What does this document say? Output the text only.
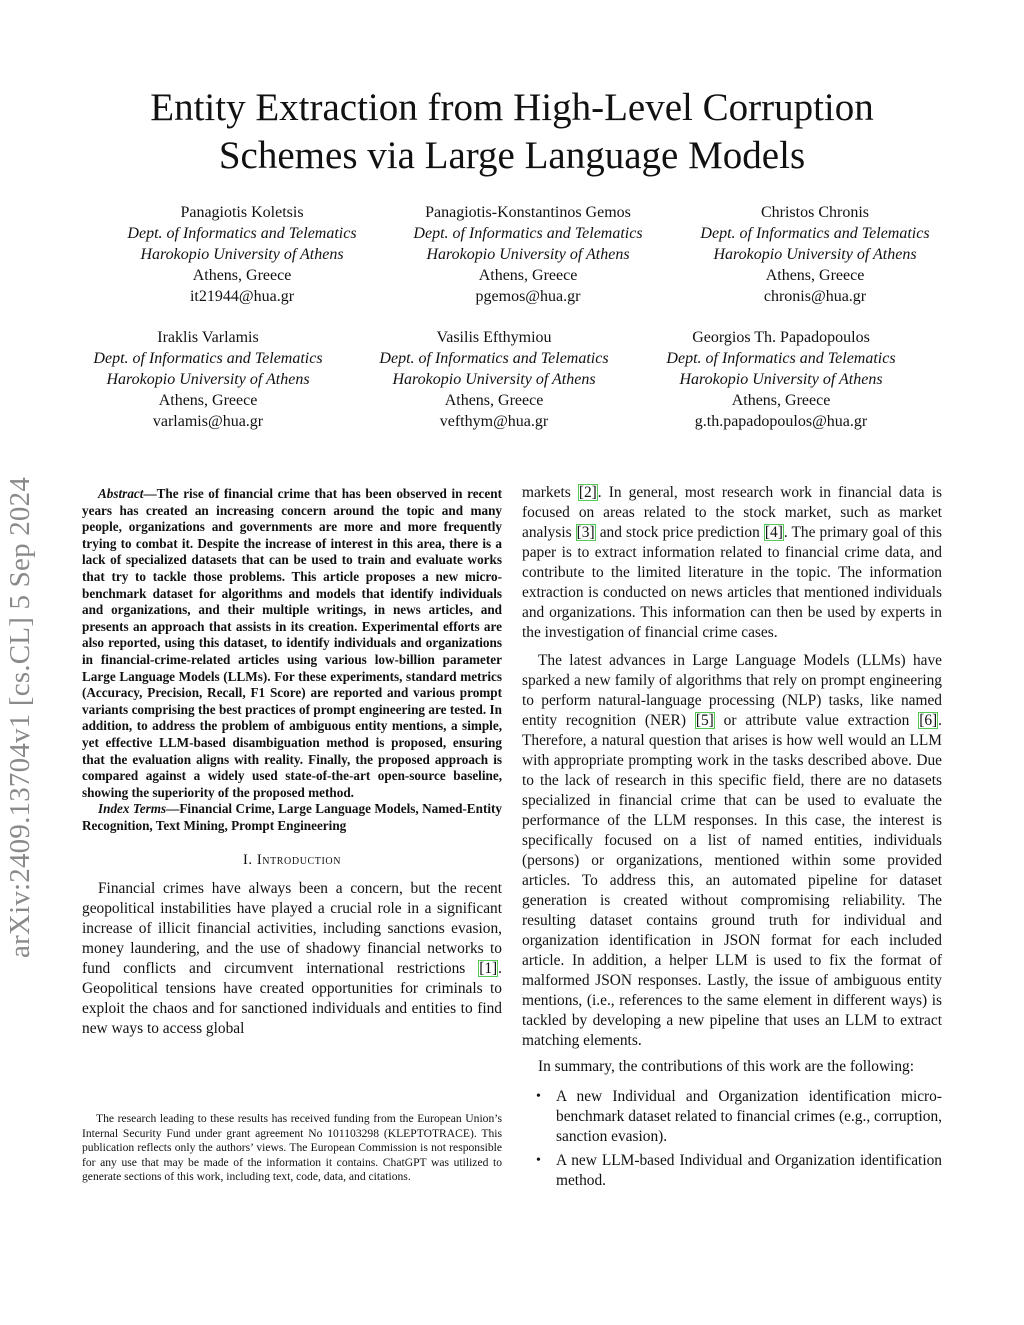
arXiv:2409.13704v1 [cs.CL] 5 Sep 2024
Entity Extraction from High-Level Corruption
Schemes via Large Language Models
Panagiotis Koletsis
Dept. of Informatics and Telematics
Harokopio University of Athens
Athens, Greece
it21944@hua.gr
Panagiotis-Konstantinos Gemos
Dept. of Informatics and Telematics
Harokopio University of Athens
Athens, Greece
pgemos@hua.gr
Christos Chronis
Dept. of Informatics and Telematics
Harokopio University of Athens
Athens, Greece
chronis@hua.gr
Iraklis Varlamis
Dept. of Informatics and Telematics
Harokopio University of Athens
Athens, Greece
varlamis@hua.gr
Vasilis Efthymiou
Dept. of Informatics and Telematics
Harokopio University of Athens
Athens, Greece
vefthym@hua.gr
Georgios Th. Papadopoulos
Dept. of Informatics and Telematics
Harokopio University of Athens
Athens, Greece
g.th.papadopoulos@hua.gr

Abstract—The rise of financial crime that has been observed in recent years has created an increasing concern around the topic and many people, organizations and governments are more and more frequently trying to combat it. Despite the increase of interest in this area, there is a lack of specialized datasets that can be used to train and evaluate works that try to tackle those problems. This article proposes a new micro-benchmark dataset for algorithms and models that identify individuals and organizations, and their multiple writings, in news articles, and presents an approach that assists in its creation. Experimental efforts are also reported, using this dataset, to identify individuals and organizations in financial-crime-related articles using various low-billion parameter Large Language Models (LLMs). For these experiments, standard metrics (Accuracy, Precision, Recall, F1 Score) are reported and various prompt variants comprising the best practices of prompt engineering are tested. In addition, to address the problem of ambiguous entity mentions, a simple, yet effective LLM-based disambiguation method is proposed, ensuring that the evaluation aligns with reality. Finally, the proposed approach is compared against a widely used state-of-the-art open-source baseline, showing the superiority of the proposed method.

Index Terms—Financial Crime, Large Language Models, Named-Entity Recognition, Text Mining, Prompt Engineering

I. Introduction

Financial crimes have always been a concern, but the recent geopolitical instabilities have played a crucial role in a significant increase of illicit financial activities, including sanctions evasion, money laundering, and the use of shadowy financial networks to fund conflicts and circumvent international restrictions [1]. Geopolitical tensions have created opportunities for criminals to exploit the chaos and for sanctioned individuals and entities to find new ways to access global

The research leading to these results has received funding from the European Union’s Internal Security Fund under grant agreement No 101103298 (KLEPTOTRACE). This publication reflects only the authors’ views. The European Commission is not responsible for any use that may be made of the information it contains. ChatGPT was utilized to generate sections of this work, including text, code, data, and citations.

markets [2]. In general, most research work in financial data is focused on areas related to the stock market, such as market analysis [3] and stock price prediction [4]. The primary goal of this paper is to extract information related to financial crime data, and contribute to the limited literature in the topic. The information extraction is conducted on news articles that mentioned individuals and organizations. This information can then be used by experts in the investigation of financial crime cases.

The latest advances in Large Language Models (LLMs) have sparked a new family of algorithms that rely on prompt engineering to perform natural-language processing (NLP) tasks, like named entity recognition (NER) [5] or attribute value extraction [6]. Therefore, a natural question that arises is how well would an LLM with appropriate prompting work in the tasks described above. Due to the lack of research in this specific field, there are no datasets specialized in financial crime that can be used to evaluate the performance of the LLM responses. In this case, the interest is specifically focused on a list of named entities, individuals (persons) or organizations, mentioned within some provided articles. To address this, an automated pipeline for dataset generation is created without compromising reliability. The resulting dataset contains ground truth for individual and organization identification in JSON format for each included article. In addition, a helper LLM is used to fix the format of malformed JSON responses. Lastly, the issue of ambiguous entity mentions, (i.e., references to the same element in different ways) is tackled by developing a new pipeline that uses an LLM to extract matching elements.

In summary, the contributions of this work are the following:

• A new Individual and Organization identification micro-benchmark dataset related to financial crimes (e.g., corruption, sanction evasion).
• A new LLM-based Individual and Organization identification method.
